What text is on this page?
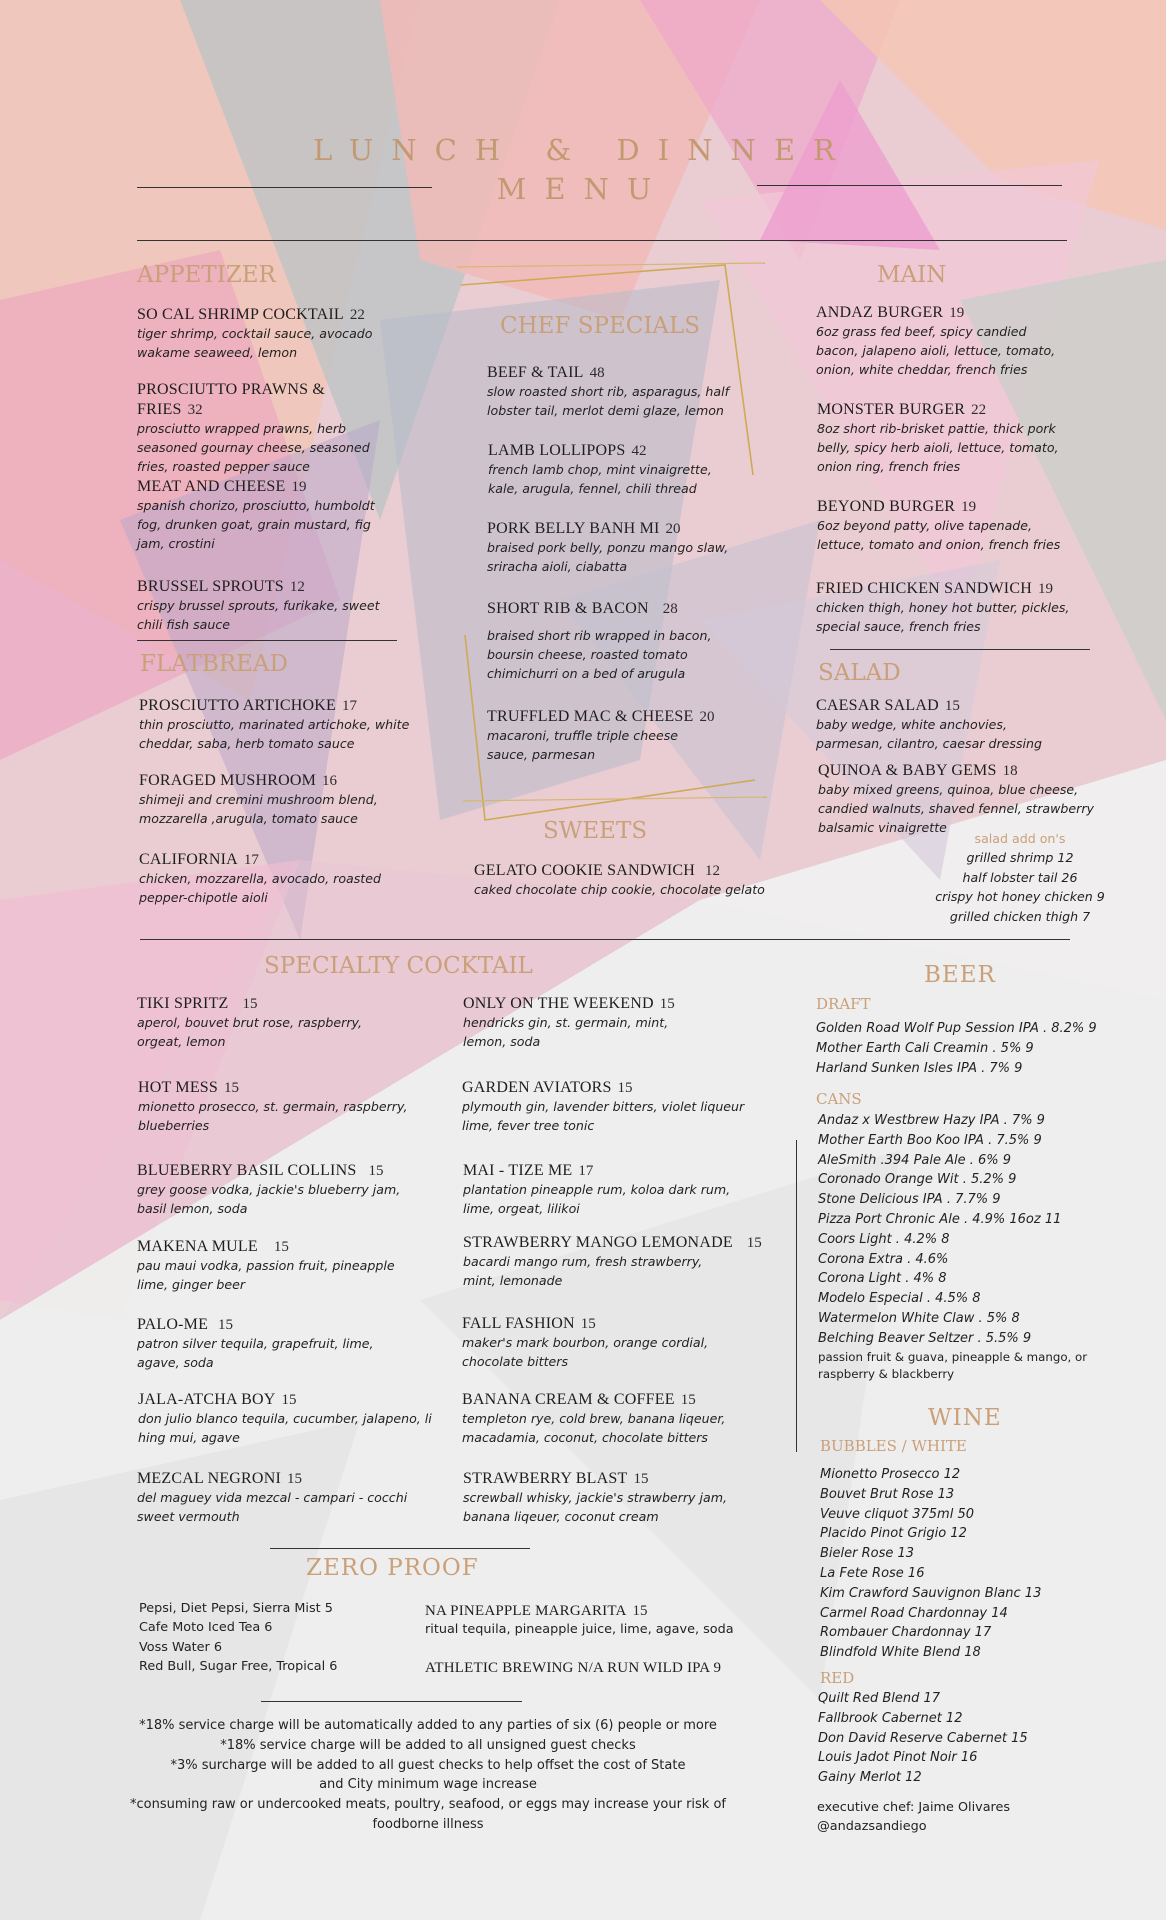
LUNCH & DINNER
MENU
APPETIZER
SO CAL SHRIMP COCKTAIL 22
tiger shrimp, cocktail sauce, avocado wakame seaweed, lemon
PROSCIUTTO PRAWNS & FRIES 32
prosciutto wrapped prawns, herb seasoned gournay cheese, seasoned fries, roasted pepper sauce
MEAT AND CHEESE 19
spanish chorizo, prosciutto, humboldt fog, drunken goat, grain mustard, fig jam, crostini
BRUSSEL SPROUTS 12
crispy brussel sprouts, furikake, sweet chili fish sauce
FLATBREAD
PROSCIUTTO ARTICHOKE 17
thin prosciutto, marinated artichoke, white cheddar, saba, herb tomato sauce
FORAGED MUSHROOM 16
shimeji and cremini mushroom blend, mozzarella ,arugula, tomato sauce
CALIFORNIA 17
chicken, mozzarella, avocado, roasted pepper-chipotle aioli
CHEF SPECIALS
BEEF & TAIL 48
slow roasted short rib, asparagus, half lobster tail, merlot demi glaze, lemon
LAMB LOLLIPOPS 42
french lamb chop, mint vinaigrette, kale, arugula, fennel, chili thread
PORK BELLY BANH MI 20
braised pork belly, ponzu mango slaw, sriracha aioli, ciabatta
SHORT RIB & BACON 28
braised short rib wrapped in bacon, boursin cheese, roasted tomato chimichurri on a bed of arugula
TRUFFLED MAC & CHEESE 20
macaroni, truffle triple cheese sauce, parmesan
SWEETS
GELATO COOKIE SANDWICH 12
caked chocolate chip cookie, chocolate gelato
MAIN
ANDAZ BURGER 19
6oz grass fed beef, spicy candied bacon, jalapeno aioli, lettuce, tomato, onion, white cheddar, french fries
MONSTER BURGER 22
8oz short rib-brisket pattie, thick pork belly, spicy herb aioli, lettuce, tomato, onion ring, french fries
BEYOND BURGER 19
6oz beyond patty, olive tapenade, lettuce, tomato and onion, french fries
FRIED CHICKEN SANDWICH 19
chicken thigh, honey hot butter, pickles, special sauce, french fries
SALAD
CAESAR SALAD 15
baby wedge, white anchovies, parmesan, cilantro, caesar dressing
QUINOA & BABY GEMS 18
baby mixed greens, quinoa, blue cheese, candied walnuts, shaved fennel, strawberry balsamic vinaigrette
salad add on's
grilled shrimp 12
half lobster tail 26
crispy hot honey chicken 9
grilled chicken thigh 7
SPECIALTY COCKTAIL
TIKI SPRITZ 15
aperol, bouvet brut rose, raspberry, orgeat, lemon
HOT MESS 15
mionetto prosecco, st. germain, raspberry, blueberries
BLUEBERRY BASIL COLLINS 15
grey goose vodka, jackie's blueberry jam, basil lemon, soda
MAKENA MULE 15
pau maui vodka, passion fruit, pineapple lime, ginger beer
PALO-ME 15
patron silver tequila, grapefruit, lime, agave, soda
JALA-ATCHA BOY 15
don julio blanco tequila, cucumber, jalapeno, li hing mui, agave
MEZCAL NEGRONI 15
del maguey vida mezcal - campari - cocchi sweet vermouth
ONLY ON THE WEEKEND 15
hendricks gin, st. germain, mint, lemon, soda
GARDEN AVIATORS 15
plymouth gin, lavender bitters, violet liqueur lime, fever tree tonic
MAI - TIZE ME 17
plantation pineapple rum, koloa dark rum, lime, orgeat, lilikoi
STRAWBERRY MANGO LEMONADE 15
bacardi mango rum, fresh strawberry, mint, lemonade
FALL FASHION 15
maker's mark bourbon, orange cordial, chocolate bitters
BANANA CREAM & COFFEE 15
templeton rye, cold brew, banana liqeuer, macadamia, coconut, chocolate bitters
STRAWBERRY BLAST 15
screwball whisky, jackie's strawberry jam, banana liqeuer, coconut cream
ZERO PROOF
Pepsi, Diet Pepsi, Sierra Mist 5
Cafe Moto Iced Tea 6
Voss Water 6
Red Bull, Sugar Free, Tropical 6
NA PINEAPPLE MARGARITA 15
ritual tequila, pineapple juice, lime, agave, soda
ATHLETIC BREWING N/A RUN WILD IPA 9
*18% service charge will be automatically added to any parties of six (6) people or more
*18% service charge will be added to all unsigned guest checks
*3% surcharge will be added to all guest checks to help offset the cost of State and City minimum wage increase
*consuming raw or undercooked meats, poultry, seafood, or eggs may increase your risk of foodborne illness
BEER
DRAFT
Golden Road Wolf Pup Session IPA . 8.2% 9
Mother Earth Cali Creamin . 5% 9
Harland Sunken Isles IPA . 7% 9
CANS
Andaz x Westbrew Hazy IPA . 7% 9
Mother Earth Boo Koo IPA . 7.5% 9
AleSmith .394 Pale Ale . 6% 9
Coronado Orange Wit . 5.2% 9
Stone Delicious IPA . 7.7% 9
Pizza Port Chronic Ale . 4.9% 16oz 11
Coors Light . 4.2% 8
Corona Extra . 4.6%
Corona Light . 4% 8
Modelo Especial . 4.5% 8
Watermelon White Claw . 5% 8
Belching Beaver Seltzer . 5.5% 9
passion fruit & guava, pineapple & mango, or raspberry & blackberry
WINE
BUBBLES / WHITE
Mionetto Prosecco 12
Bouvet Brut Rose 13
Veuve cliquot 375ml 50
Placido Pinot Grigio 12
Bieler Rose 13
La Fete Rose 16
Kim Crawford Sauvignon Blanc 13
Carmel Road Chardonnay 14
Rombauer Chardonnay 17
Blindfold White Blend 18
RED
Quilt Red Blend 17
Fallbrook Cabernet 12
Don David Reserve Cabernet 15
Louis Jadot Pinot Noir 16
Gainy Merlot 12
executive chef: Jaime Olivares
@andazsandiego
